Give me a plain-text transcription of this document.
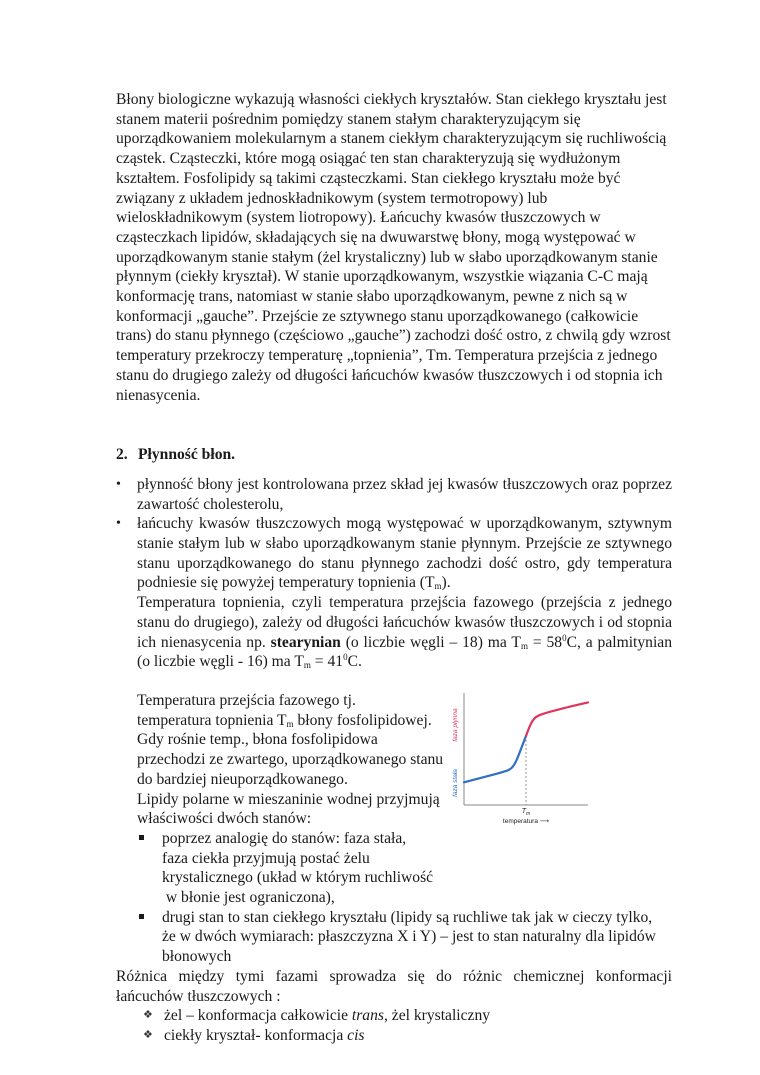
Błony biologiczne wykazują własności ciekłych kryształów. Stan ciekłego kryształu jest stanem materii pośrednim pomiędzy stanem stałym charakteryzującym się uporządkowaniem molekularnym a stanem ciekłym charakteryzującym się ruchliwością cząstek. Cząsteczki, które mogą osiągać ten stan charakteryzują się wydłużonym kształtem. Fosfolipidy są takimi cząsteczkami. Stan ciekłego kryształu może być związany z układem jednoskładnikowym (system termotropowy) lub wieloskładnikowym (system liotropowy). Łańcuchy kwasów tłuszczowych w cząsteczkach lipidów, składających się na dwuwarstwę błony, mogą występować w uporządkowanym stanie stałym (żel krystaliczny) lub w słabo uporządkowanym stanie płynnym (ciekły kryształ). W stanie uporządkowanym, wszystkie wiązania C-C mają konformację trans, natomiast w stanie słabo uporządkowanym, pewne z nich są w konformacji „gauche”. Przejście ze sztywnego stanu uporządkowanego (całkowicie trans) do stanu płynnego (częściowo „gauche”) zachodzi dość ostro, z chwilą gdy wzrost temperatury przekroczy temperaturę „topnienia”, Tm. Temperatura przejścia z jednego stanu do drugiego zależy od długości łańcuchów kwasów tłuszczowych i od stopnia ich nienasycenia.

2. Płynność błon.
• płynność błony jest kontrolowana przez skład jej kwasów tłuszczowych oraz poprzez zawartość cholesterolu,
• łańcuchy kwasów tłuszczowych mogą występować w uporządkowanym, sztywnym stanie stałym lub w słabo uporządkowanym stanie płynnym. Przejście ze sztywnego stanu uporządkowanego do stanu płynnego zachodzi dość ostro, gdy temperatura podniesie się powyżej temperatury topnienia $(T_m)$.

Temperatura topnienia, czyli temperatura przejścia fazowego (przejścia z jednego stanu do drugiego), zależy od długości łańcuchów kwasów tłuszczowych i od stopnia ich nienasycenia np. stearynian (o liczbie węgli – 18) ma $T_m = 58^0C$, a palmitynian (o liczbie węgli - 16) ma $T_m = 41^0C$.

Temperatura przejścia fazowego tj.
temperatura topnienia $T_m$ błony fosfolipidowej.
Gdy rośnie temp., błona fosfolipidowa
przechodzi ze zwartego, uporządkowanego stanu
do bardziej nieuporządkowanego.
Lipidy polarne w mieszaninie wodnej przyjmują
właściwości dwóch stanów:
faza płynna
faza stała
$T_m$
temperatura ⟶
poprzez analogię do stanów: faza stała,
faza ciekła przyjmują postać żelu
krystalicznego (układ w którym ruchliwość
w błonie jest ograniczona),
drugi stan to stan ciekłego kryształu (lipidy są ruchliwe tak jak w cieczy tylko,
że w dwóch wymiarach: płaszczyzna X i Y) – jest to stan naturalny dla lipidów
błonowych

Różnica między tymi fazami sprowadza się do różnic chemicznej konformacji łańcuchów tłuszczowych :

❖ żel – konformacja całkowicie trans, żel krystaliczny
❖ ciekły kryształ- konformacja cis
